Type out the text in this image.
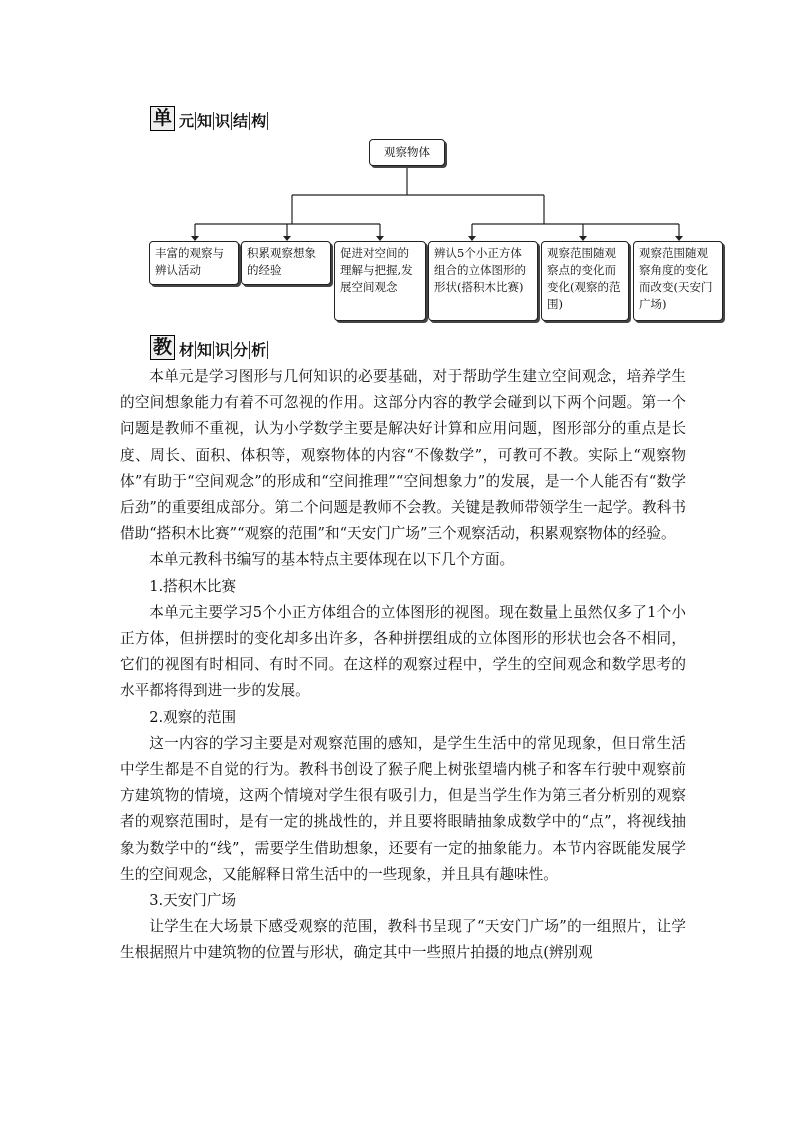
单 元 知 识 结 构
观察物体
丰富的观察与辨认活动
积累观察想象的经验
促进对空间的理解与把握,发展空间观念
辨认5个小正方体组合的立体图形的形状(搭积木比赛)
观察范围随观察点的变化而变化(观察的范围)
观察范围随观察角度的变化而改变(天安门广场)
教 材 知 识 分 析

本单元是学习图形与几何知识的必要基础，对于帮助学生建立空间观念，培养学生的空间想象能力有着不可忽视的作用。这部分内容的教学会碰到以下两个问题。第一个问题是教师不重视，认为小学数学主要是解决好计算和应用问题，图形部分的重点是长度、周长、面积、体积等，观察物体的内容“不像数学”，可教可不教。实际上“观察物体”有助于“空间观念”的形成和“空间推理”“空间想象力”的发展，是一个人能否有“数学后劲”的重要组成部分。第二个问题是教师不会教。关键是教师带领学生一起学。教科书借助“搭积木比赛”“观察的范围”和“天安门广场”三个观察活动，积累观察物体的经验。

本单元教科书编写的基本特点主要体现在以下几个方面。

1.搭积木比赛

本单元主要学习5个小正方体组合的立体图形的视图。现在数量上虽然仅多了1个小正方体，但拼摆时的变化却多出许多，各种拼摆组成的立体图形的形状也会各不相同，它们的视图有时相同、有时不同。在这样的观察过程中，学生的空间观念和数学思考的水平都将得到进一步的发展。

2.观察的范围

这一内容的学习主要是对观察范围的感知，是学生生活中的常见现象，但日常生活中学生都是不自觉的行为。教科书创设了猴子爬上树张望墙内桃子和客车行驶中观察前方建筑物的情境，这两个情境对学生很有吸引力，但是当学生作为第三者分析别的观察者的观察范围时，是有一定的挑战性的，并且要将眼睛抽象成数学中的“点”，将视线抽象为数学中的“线”，需要学生借助想象，还要有一定的抽象能力。本节内容既能发展学生的空间观念，又能解释日常生活中的一些现象，并且具有趣味性。

3.天安门广场

让学生在大场景下感受观察的范围，教科书呈现了“天安门广场”的一组照片，让学生根据照片中建筑物的位置与形状，确定其中一些照片拍摄的地点(辨别观
